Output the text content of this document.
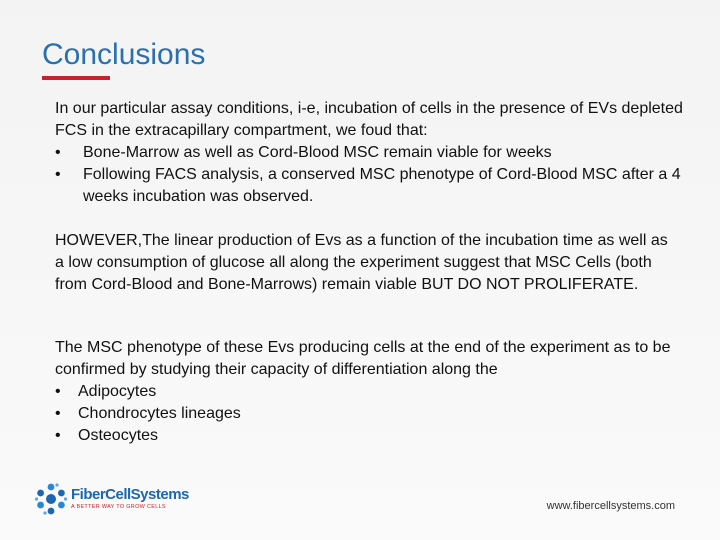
Conclusions

In our particular assay conditions, i-e, incubation of cells in the presence of EVs depleted FCS in the extracapillary compartment, we foud that:

•	Bone-Marrow as well as Cord-Blood MSC remain viable for weeks
•	Following FACS analysis, a conserved MSC phenotype of Cord-Blood MSC after a 4 weeks incubation was observed.

HOWEVER,The linear production of Evs as a function of the incubation time as well as a low consumption of glucose all along the experiment suggest that MSC Cells (both from Cord-Blood and Bone-Marrows) remain viable BUT DO NOT PROLIFERATE.

The MSC phenotype of these Evs producing cells at the end of the experiment as to be confirmed by studying their capacity of differentiation along the

•	Adipocytes
•	Chondrocytes lineages
•	Osteocytes
FiberCellSystems
A BETTER WAY TO GROW CELLS	www.fibercellsystems.com
